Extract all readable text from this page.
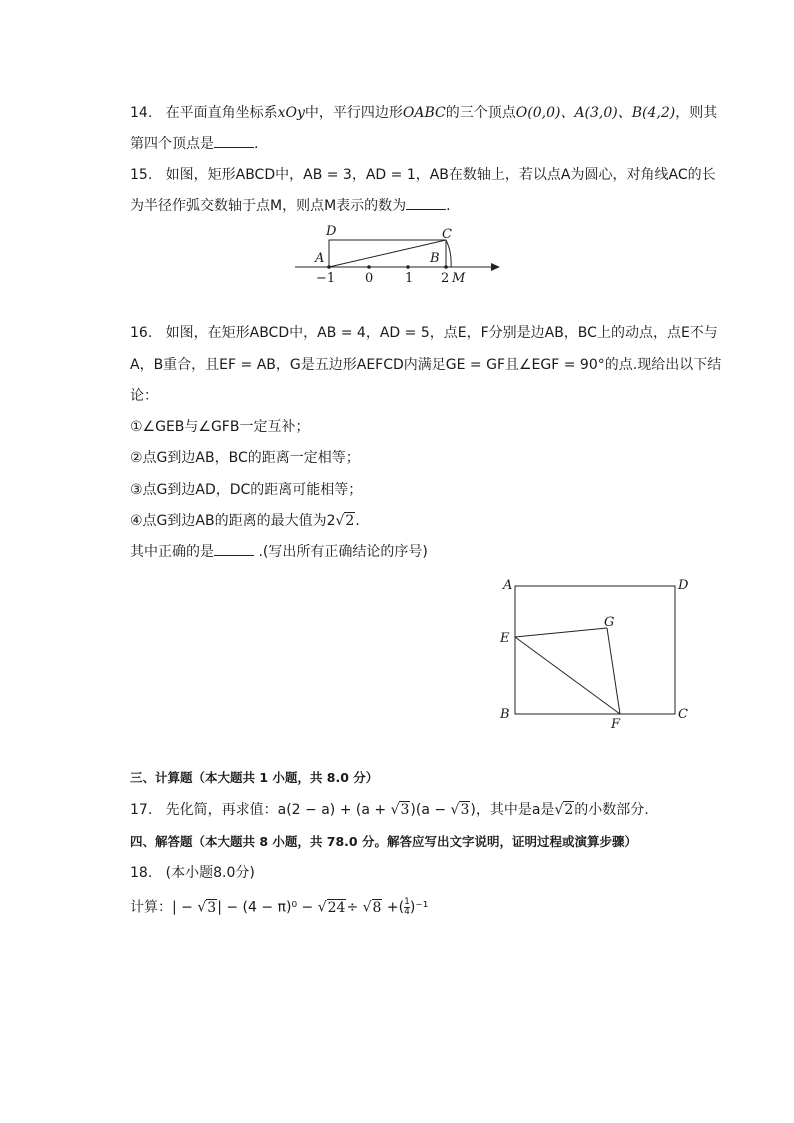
14. 在平面直角坐标系xOy中，平行四边形OABC的三个顶点O(0,0)、A(3,0)、B(4,2)，则其
第四个顶点是	.
15. 如图，矩形ABCD中，AB = 3，AD = 1，AB在数轴上，若以点A为圆心，对角线AC的长
为半径作弧交数轴于点M，则点M表示的数为	.
D	C
A	B
M
−1 0 1 2
16. 如图，在矩形ABCD中，AB = 4，AD = 5，点E，F分别是边AB，BC上的动点，点E不与
A，B重合，且EF = AB，G是五边形AEFCD内满足GE = GF且∠EGF = 90°的点.现给出以下结
论：
①∠GEB与∠GFB一定互补；
②点G到边AB，BC的距离一定相等；
③点G到边AD，DC的距离可能相等；
④点G到边AB的距离的最大值为2√2.
其中正确的是	.(写出所有正确结论的序号)
A	D
E
G
B
F
C
三、计算题（本大题共 1 小题，共 8.0 分）
17. 先化简，再求值：a(2 − a) + (a + √3)(a − √3)，其中是a是√2的小数部分.
四、解答题（本大题共 8 小题，共 78.0 分。解答应写出文字说明，证明过程或演算步骤）
18. (本小题8.0分)
计算：| − √3| − (4 − π)⁰ − √24÷ √8 +( $\frac{1}{4} )^{-1}$
